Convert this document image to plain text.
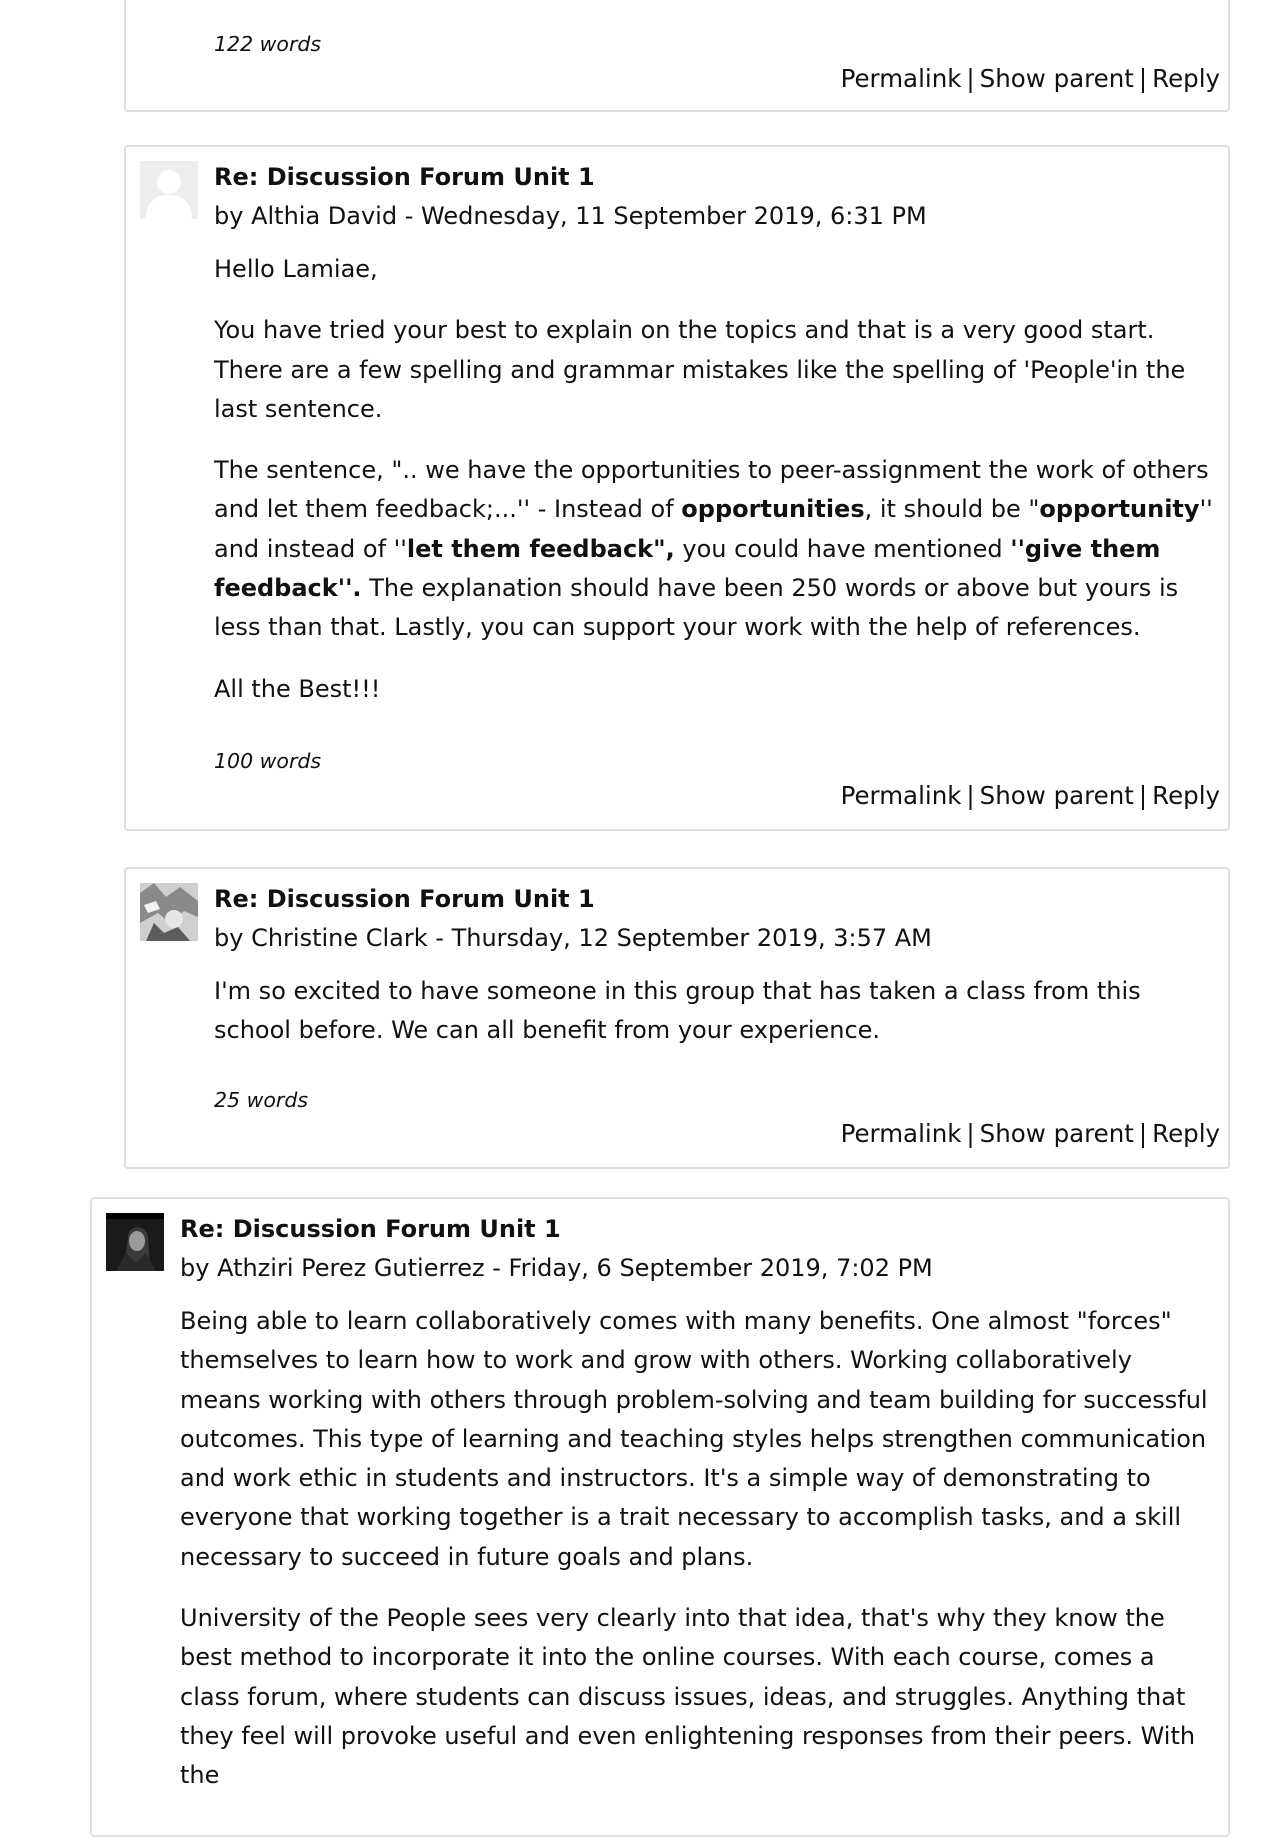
122 words
Permalink | Show parent | Reply
Re: Discussion Forum Unit 1
by Althia David - Wednesday, 11 September 2019, 6:31 PM

Hello Lamiae,

You have tried your best to explain on the topics and that is a very good start. There are a few spelling and grammar mistakes like the spelling of 'People'in the last sentence.

The sentence, ".. we have the opportunities to peer-assignment the work of others and let them feedback;...'' - Instead of opportunities, it should be "opportunity'' and instead of ''let them feedback", you could have mentioned ''give them feedback''. The explanation should have been 250 words or above but yours is less than that. Lastly, you can support your work with the help of references.

All the Best!!!

100 words
Permalink | Show parent | Reply
Re: Discussion Forum Unit 1
by Christine Clark - Thursday, 12 September 2019, 3:57 AM

I'm so excited to have someone in this group that has taken a class from this school before. We can all benefit from your experience.

25 words
Permalink | Show parent | Reply
Re: Discussion Forum Unit 1
by Athziri Perez Gutierrez - Friday, 6 September 2019, 7:02 PM

Being able to learn collaboratively comes with many benefits. One almost "forces" themselves to learn how to work and grow with others. Working collaboratively means working with others through problem-solving and team building for successful outcomes. This type of learning and teaching styles helps strengthen communication and work ethic in students and instructors. It's a simple way of demonstrating to everyone that working together is a trait necessary to accomplish tasks, and a skill necessary to succeed in future goals and plans.

University of the People sees very clearly into that idea, that's why they know the best method to incorporate it into the online courses. With each course, comes a class forum, where students can discuss issues, ideas, and struggles. Anything that they feel will provoke useful and even enlightening responses from their peers. With the
